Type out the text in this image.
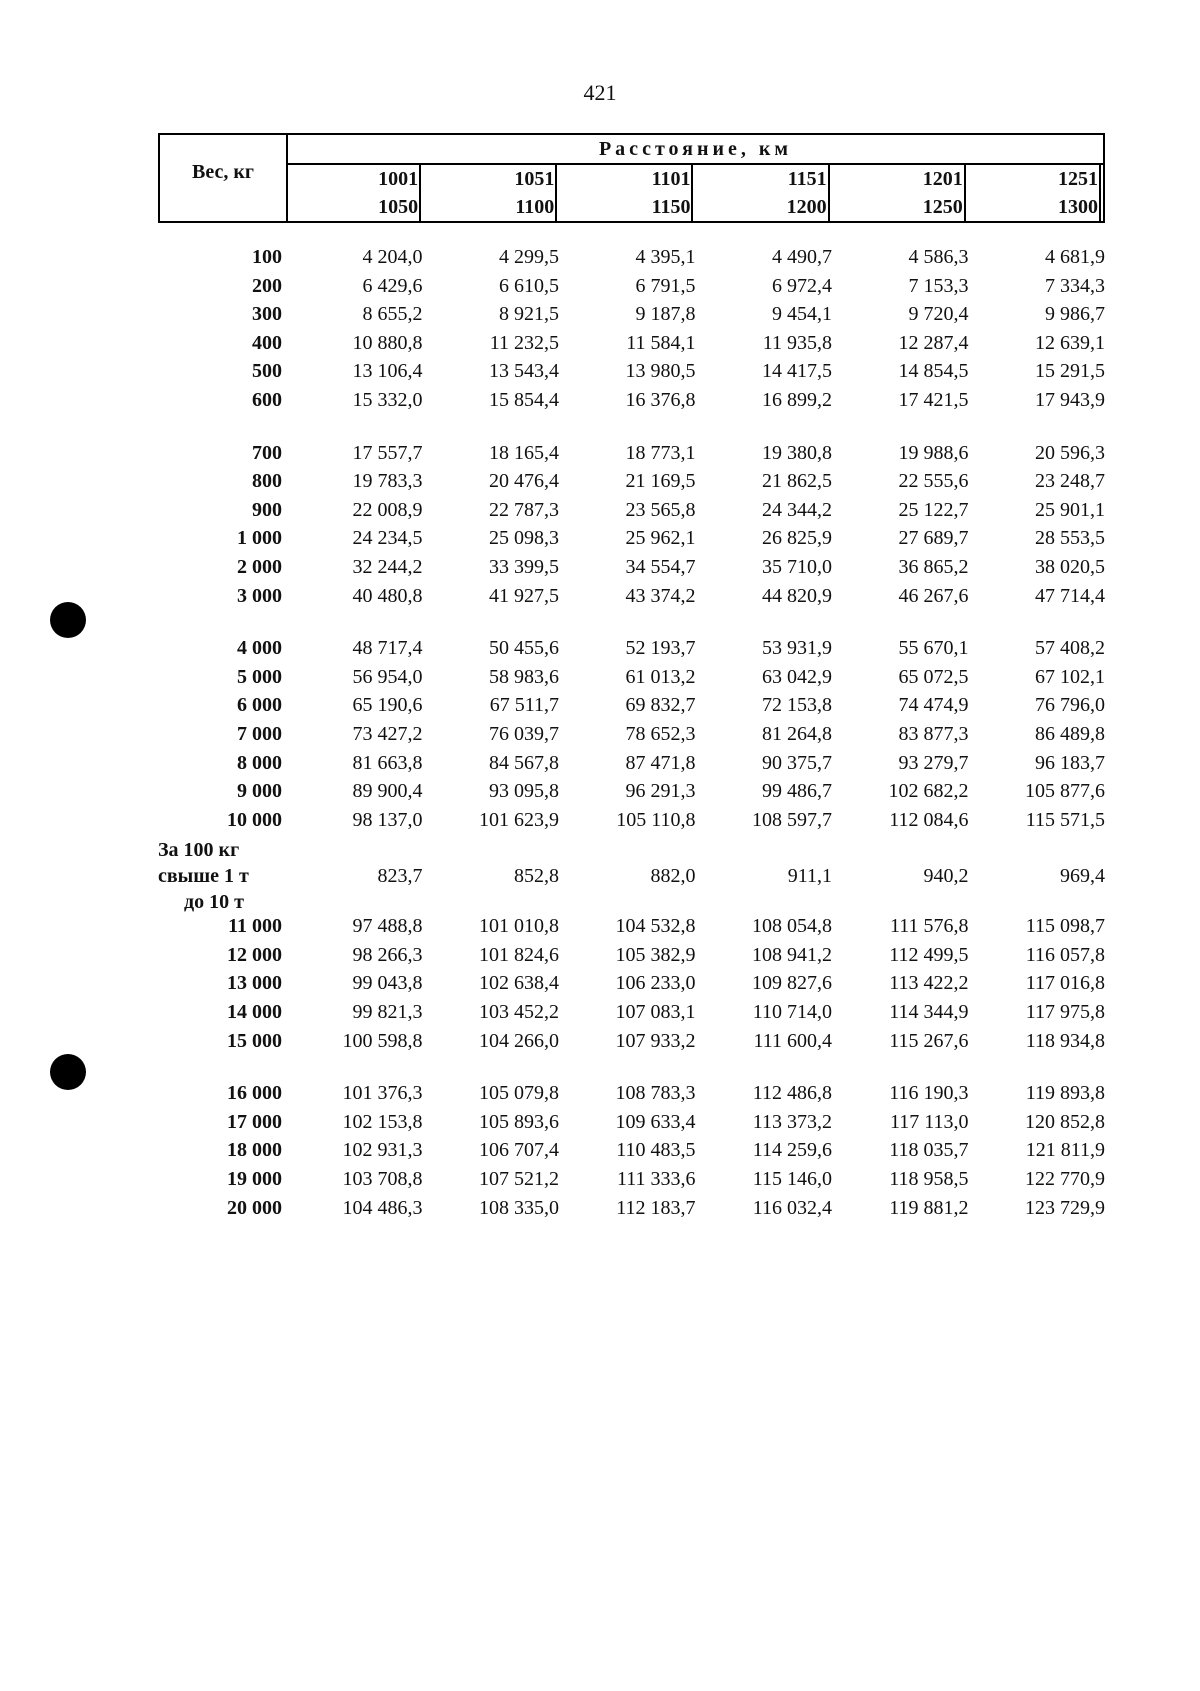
421
Вес, кг	Расстояние, км					
	1001	1051	1101	1151	1201	1251
	1050	1100	1150	1200	1250	1300
100	4 204,0	4 299,5	4 395,1	4 490,7	4 586,3	4 681,9
200	6 429,6	6 610,5	6 791,5	6 972,4	7 153,3	7 334,3
300	8 655,2	8 921,5	9 187,8	9 454,1	9 720,4	9 986,7
400	10 880,8	11 232,5	11 584,1	11 935,8	12 287,4	12 639,1
500	13 106,4	13 543,4	13 980,5	14 417,5	14 854,5	15 291,5
600	15 332,0	15 854,4	16 376,8	16 899,2	17 421,5	17 943,9

700	17 557,7	18 165,4	18 773,1	19 380,8	19 988,6	20 596,3
800	19 783,3	20 476,4	21 169,5	21 862,5	22 555,6	23 248,7
900	22 008,9	22 787,3	23 565,8	24 344,2	25 122,7	25 901,1
1 000	24 234,5	25 098,3	25 962,1	26 825,9	27 689,7	28 553,5
2 000	32 244,2	33 399,5	34 554,7	35 710,0	36 865,2	38 020,5
3 000	40 480,8	41 927,5	43 374,2	44 820,9	46 267,6	47 714,4

4 000	48 717,4	50 455,6	52 193,7	53 931,9	55 670,1	57 408,2
5 000	56 954,0	58 983,6	61 013,2	63 042,9	65 072,5	67 102,1
6 000	65 190,6	67 511,7	69 832,7	72 153,8	74 474,9	76 796,0
7 000	73 427,2	76 039,7	78 652,3	81 264,8	83 877,3	86 489,8
8 000	81 663,8	84 567,8	87 471,8	90 375,7	93 279,7	96 183,7
9 000	89 900,4	93 095,8	96 291,3	99 486,7	102 682,2	105 877,6
10 000	98 137,0	101 623,9	105 110,8	108 597,7	112 084,6	115 571,5

За 100 кг
свыше 1 т
до 10 т	823,7	852,8	882,0	911,1	940,2	969,4
11 000	97 488,8	101 010,8	104 532,8	108 054,8	111 576,8	115 098,7
12 000	98 266,3	101 824,6	105 382,9	108 941,2	112 499,5	116 057,8
13 000	99 043,8	102 638,4	106 233,0	109 827,6	113 422,2	117 016,8
14 000	99 821,3	103 452,2	107 083,1	110 714,0	114 344,9	117 975,8
15 000	100 598,8	104 266,0	107 933,2	111 600,4	115 267,6	118 934,8

16 000	101 376,3	105 079,8	108 783,3	112 486,8	116 190,3	119 893,8
17 000	102 153,8	105 893,6	109 633,4	113 373,2	117 113,0	120 852,8
18 000	102 931,3	106 707,4	110 483,5	114 259,6	118 035,7	121 811,9
19 000	103 708,8	107 521,2	111 333,6	115 146,0	118 958,5	122 770,9
20 000	104 486,3	108 335,0	112 183,7	116 032,4	119 881,2	123 729,9
